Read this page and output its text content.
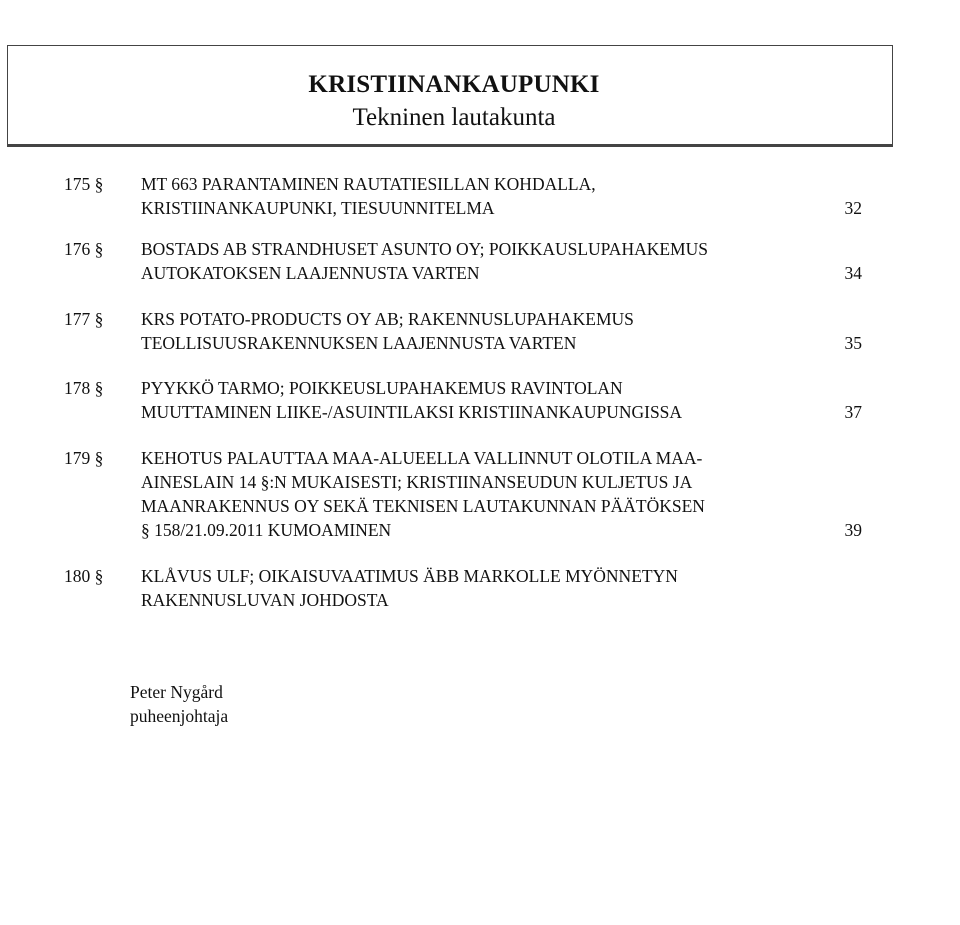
KRISTIINANKAUPUNKI
Tekninen lautakunta
175 § MT 663 PARANTAMINEN RAUTATIESILLAN KOHDALLA,
KRISTIINANKAUPUNKI, TIESUUNNITELMA	32
176 § BOSTADS AB STRANDHUSET ASUNTO OY; POIKKAUSLUPAHAKEMUS
AUTOKATOKSEN LAAJENNUSTA VARTEN	34
177 § KRS POTATO-PRODUCTS OY AB; RAKENNUSLUPAHAKEMUS
TEOLLISUUSRAKENNUKSEN LAAJENNUSTA VARTEN	35
178 § PYYKKÖ TARMO; POIKKEUSLUPAHAKEMUS RAVINTOLAN
MUUTTAMINEN LIIKE-/ASUINTILAKSI KRISTIINANKAUPUNGISSA	37
179 § KEHOTUS PALAUTTAA MAA-ALUEELLA VALLINNUT OLOTILA MAA-
AINESLAIN 14 §:N MUKAISESTI; KRISTIINANSEUDUN KULJETUS JA
MAANRAKENNUS OY SEKÄ TEKNISEN LAUTAKUNNAN PÄÄTÖKSEN
§ 158/21.09.2011 KUMOAMINEN	39
180 § KLÅVUS ULF; OIKAISUVAATIMUS ÄBB MARKOLLE MYÖNNETYN
RAKENNUSLUVAN JOHDOSTA
Peter Nygård
puheenjohtaja
